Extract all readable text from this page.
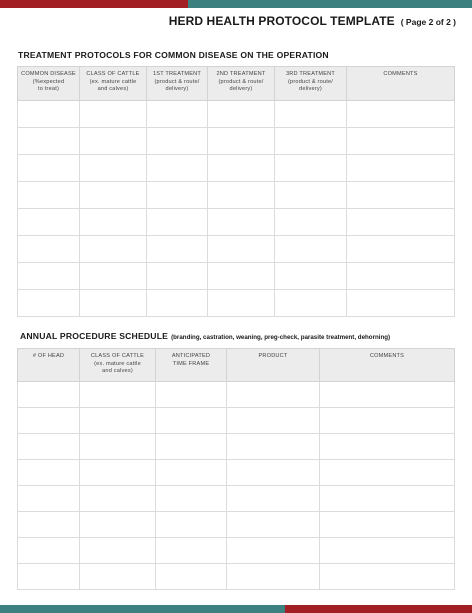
HERD HEALTH PROTOCOL TEMPLATE ( Page 2 of 2 )
TREATMENT PROTOCOLS FOR COMMON DISEASE ON THE OPERATION
COMMON DISEASE
(%expected
to treat)	CLASS OF CATTLE
(ex. mature cattle
and calves)	1ST TREATMENT
(product & route/
delivery)	2ND TREATMENT
(product & route/
delivery)	3RD TREATMENT
(product & route/
delivery)	COMMENTS

ANNUAL PROCEDURE SCHEDULE (branding, castration, weaning, preg-check, parasite treatment, dehorning)
# OF HEAD	CLASS OF CATTLE
(ex. mature cattle
and calves)	ANTICIPATED
TIME FRAME	PRODUCT	COMMENTS
